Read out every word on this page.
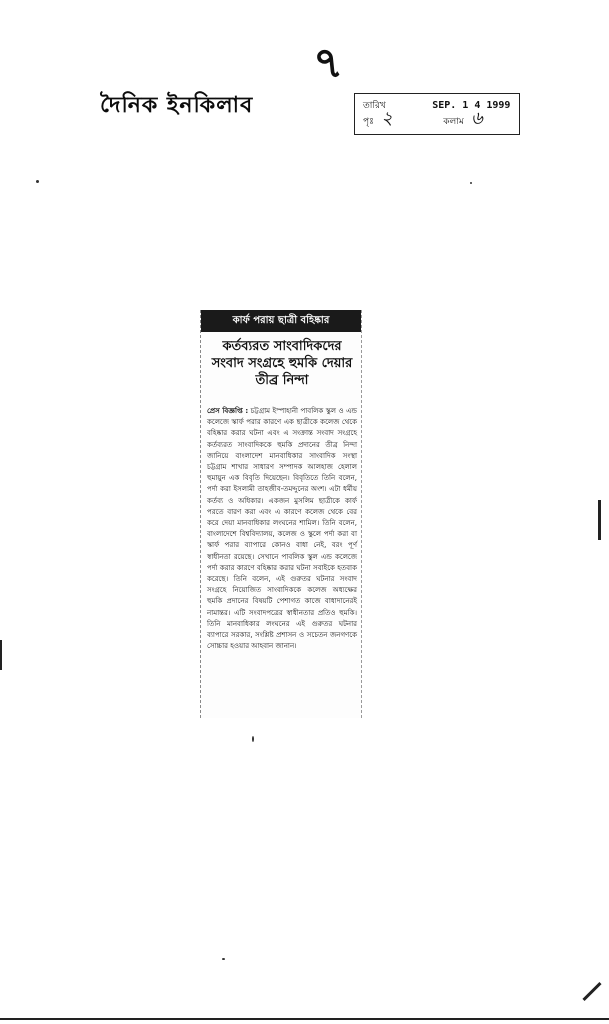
৭
দৈনিক ইনকিলাব	তারিখ	SEP. 1 4 1999
পৃঃ ২	কলাম ৬
কার্ফ পরায় ছাত্রী বহিষ্কার
কর্তব্যরত সাংবাদিকদের সংবাদ সংগ্রহে হুমকি দেয়ার তীব্র নিন্দা
প্রেস বিজ্ঞপ্তি : চট্টগ্রাম ইস্পাহানী পাবলিক স্কুল ও এন্ড কলেজে স্কার্ফ পরার কারণে এক ছাত্রীকে কলেজ থেকে বহিষ্কার করার ঘটনা এবং এ সংক্রান্ত সংবাদ সংগ্রহে কর্তব্যরত সাংবাদিককে হুমকি প্রদানের তীব্র নিন্দা জানিয়ে বাংলাদেশ মানবাধিকার সাংবাদিক সংস্থা চট্টগ্রাম শাখার সাধারণ সম্পাদক আলহাজ হেলাল হুমায়ুন এক বিবৃতি দিয়েছেন। বিবৃতিতে তিনি বলেন, পর্দা করা ইসলামী তাহজীব-তমদ্দুনের অংশ। এটা ধর্মীয় কর্তব্য ও অধিকার। একজন মুসলিম ছাত্রীকে কার্ফ পরতে বারণ করা এবং এ কারণে কলেজ থেকে বের করে দেয়া মানবাধিকার লংঘনের শামিল। তিনি বলেন, বাংলাদেশে বিশ্ববিদ্যালয়, কলেজ ও স্কুলে পর্দা করা বা স্কার্ফ পরার ব্যাপারে কোনও বাধা নেই, বরং পূর্ণ স্বাধীনতা রয়েছে। সেখানে পাবলিক স্কুল এন্ড কলেজে পর্দা করার কারণে বহিষ্কার করার ঘটনা সবাইকে হতবাক করেছে। তিনি বলেন, এই গুরুতর ঘটনার সংবাদ সংগ্রহে নিয়োজিত সাংবাদিককে কলেজ অধ্যক্ষের হুমকি প্রদানের বিষয়টি পেশাগত কাজে বাধাদানেরই নামান্তর। এটি সংবাদপত্রের স্বাধীনতার প্রতিও হুমকি। তিনি মানবাধিকার লংঘনের এই গুরুতর ঘটনার ব্যাপারে সরকার, সংশ্লিষ্ট প্রশাসন ও সচেতন জনগণকে সোচ্চার হওয়ার আহবান জানান।
